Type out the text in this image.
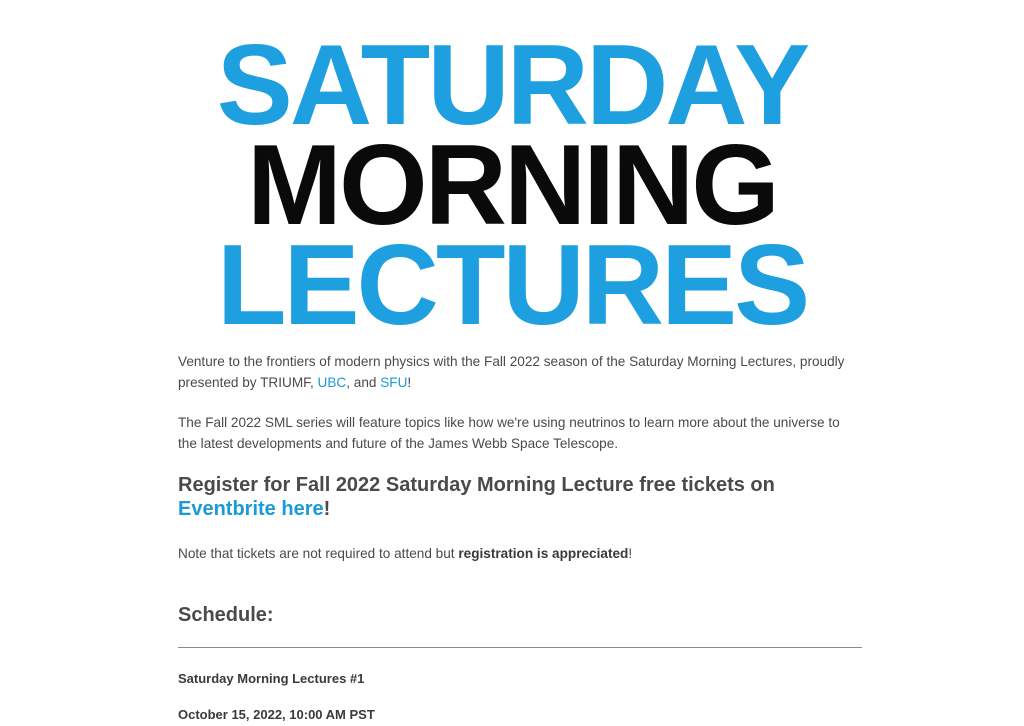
SATURDAY
MORNING
LECTURES

Venture to the frontiers of modern physics with the Fall 2022 season of the Saturday Morning Lectures, proudly presented by TRIUMF, UBC, and SFU!

The Fall 2022 SML series will feature topics like how we're using neutrinos to learn more about the universe to the latest developments and future of the James Webb Space Telescope.

Register for Fall 2022 Saturday Morning Lecture free tickets on Eventbrite here!

Note that tickets are not required to attend but registration is appreciated!

Schedule:
Saturday Morning Lectures #1
October 15, 2022, 10:00 AM PST
